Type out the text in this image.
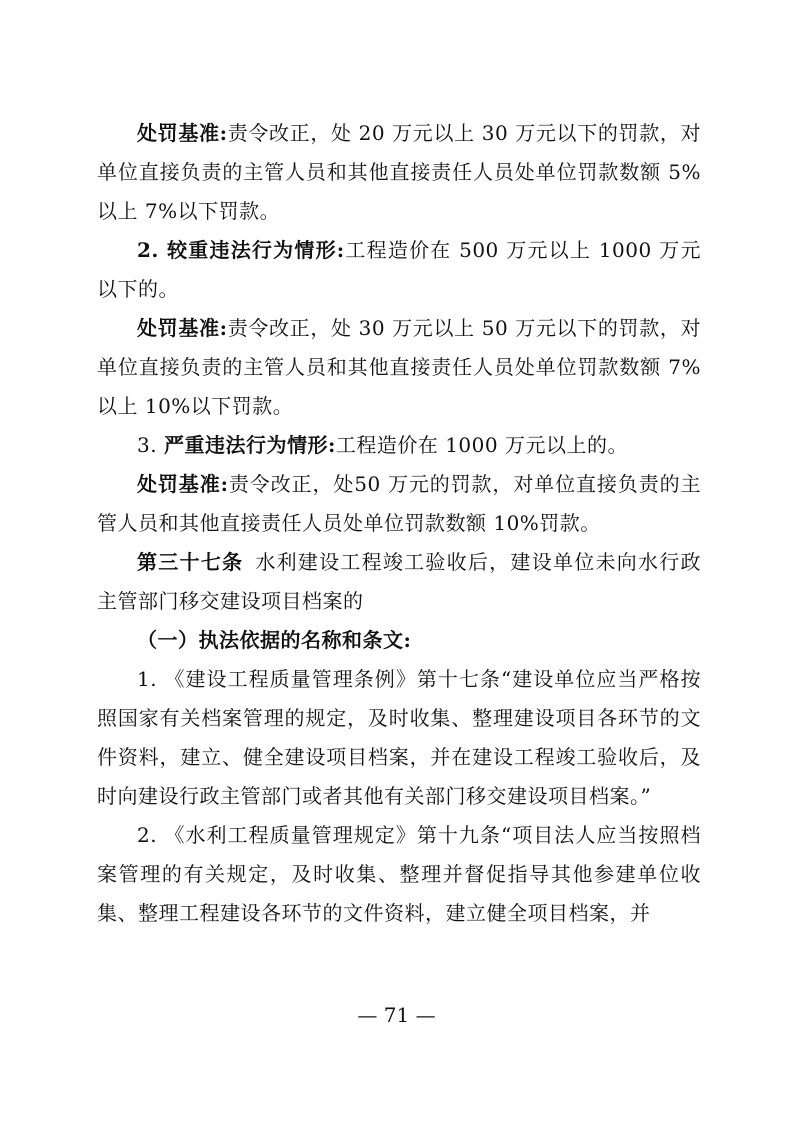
处罚基准:责令改正，处 20 万元以上 30 万元以下的罚款，对单位直接负责的主管人员和其他直接责任人员处单位罚款数额 5%以上 7%以下罚款。

2. 较重违法行为情形:工程造价在 500 万元以上 1000 万元以下的。

处罚基准:责令改正，处 30 万元以上 50 万元以下的罚款，对单位直接负责的主管人员和其他直接责任人员处单位罚款数额 7%以上 10%以下罚款。

3. 严重违法行为情形:工程造价在 1000 万元以上的。

处罚基准:责令改正，处50 万元的罚款，对单位直接负责的主管人员和其他直接责任人员处单位罚款数额 10%罚款。

第三十七条 水利建设工程竣工验收后，建设单位未向水行政主管部门移交建设项目档案的

（一）执法依据的名称和条文:

1. 《建设工程质量管理条例》第十七条“建设单位应当严格按照国家有关档案管理的规定，及时收集、整理建设项目各环节的文件资料，建立、健全建设项目档案，并在建设工程竣工验收后，及时向建设行政主管部门或者其他有关部门移交建设项目档案。”

2. 《水利工程质量管理规定》第十九条“项目法人应当按照档案管理的有关规定，及时收集、整理并督促指导其他参建单位收集、整理工程建设各环节的文件资料，建立健全项目档案，并

— 71 —
